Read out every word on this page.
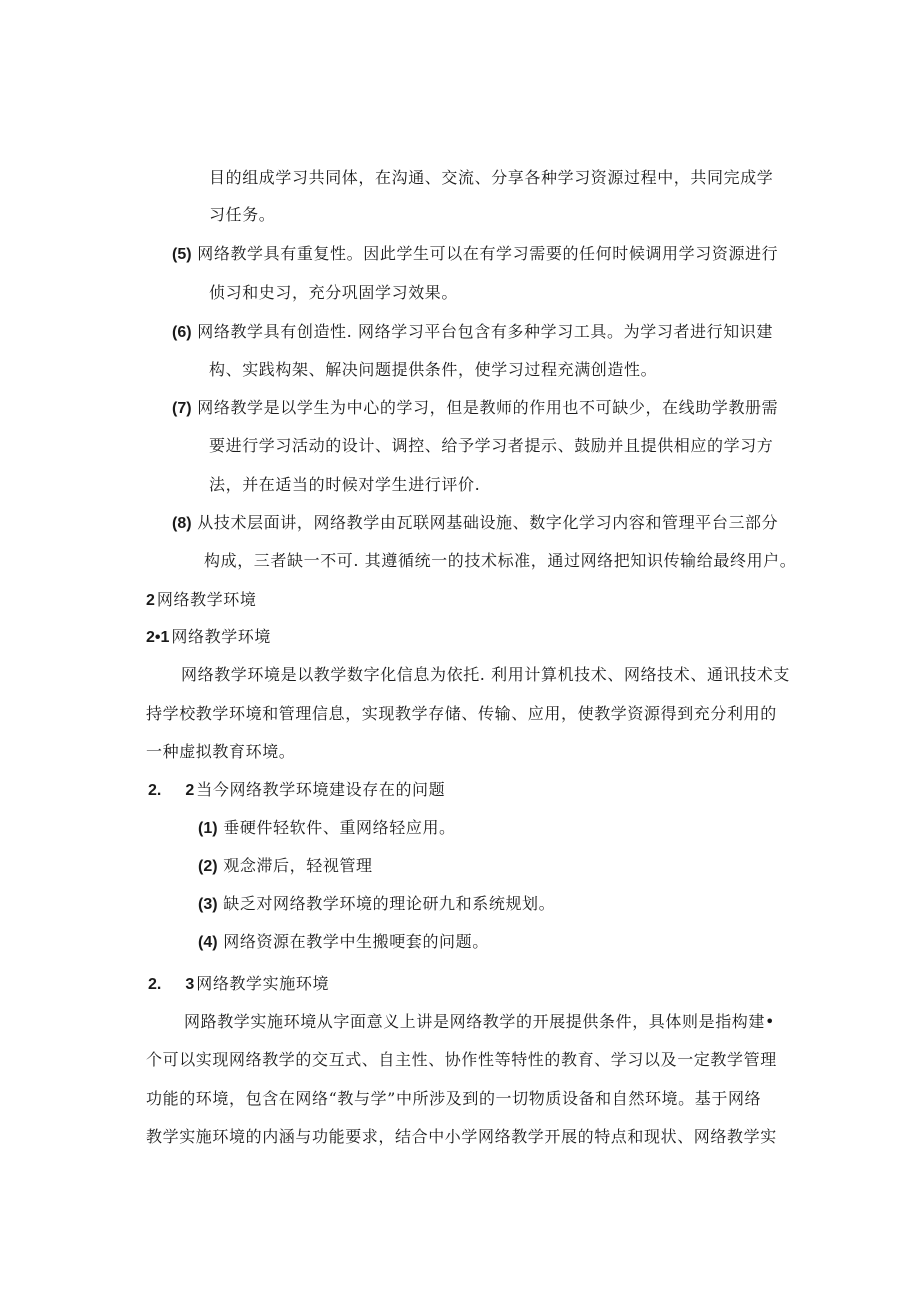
目的组成学习共同体，在沟通、交流、分享各种学习资源过程中，共同完成学
习任务。
(5) 网络教学具有重复性。因此学生可以在有学习需要的任何时候调用学习资源进行
侦习和史习，充分巩固学习效果。
(6) 网络教学具有创造性. 网络学习平台包含有多种学习工具。为学习者进行知识建
构、实践构架、解决问题提供条件，使学习过程充满创造性。
(7) 网络教学是以学生为中心的学习，但是教师的作用也不可缺少，在线助学教册需
要进行学习活动的设计、调控、给予学习者提示、鼓励并且提供相应的学习方
法，并在适当的时候对学生进行评价.
(8) 从技术层面讲，网络教学由瓦联网基础设施、数字化学习内容和管理平台三部分
构成，三者缺一不可. 其遵循统一的技术标准，通过网络把知识传输给最终用户。
2 网络教学环境
2•1 网络教学环境
网络教学环境是以教学数字化信息为依托. 利用计算机技术、网络技术、通讯技术支
持学校教学环境和管理信息，实现教学存储、传输、应用，使教学资源得到充分利用的
一种虚拟教育环境。
2. 2 当今网络教学环境建设存在的问题
(1) 垂硬件轻软件、重网络轻应用。
(2) 观念滞后，轻视管理
(3) 缺乏对网络教学环境的理论研九和系统规划。
(4) 网络资源在教学中生搬哽套的问题。
2. 3 网络教学实施环境
网路教学实施环境从字面意义上讲是网络教学的开展提供条件，具体则是指构建•
个可以实现网络教学的交互式、自主性、协作性等特性的教育、学习以及一定教学管理
功能的环境，包含在网络“教与学”中所涉及到的一切物质设备和自然环境。基于网络
教学实施环境的内涵与功能要求，结合中小学网络教学开展的特点和现状、网络教学实
